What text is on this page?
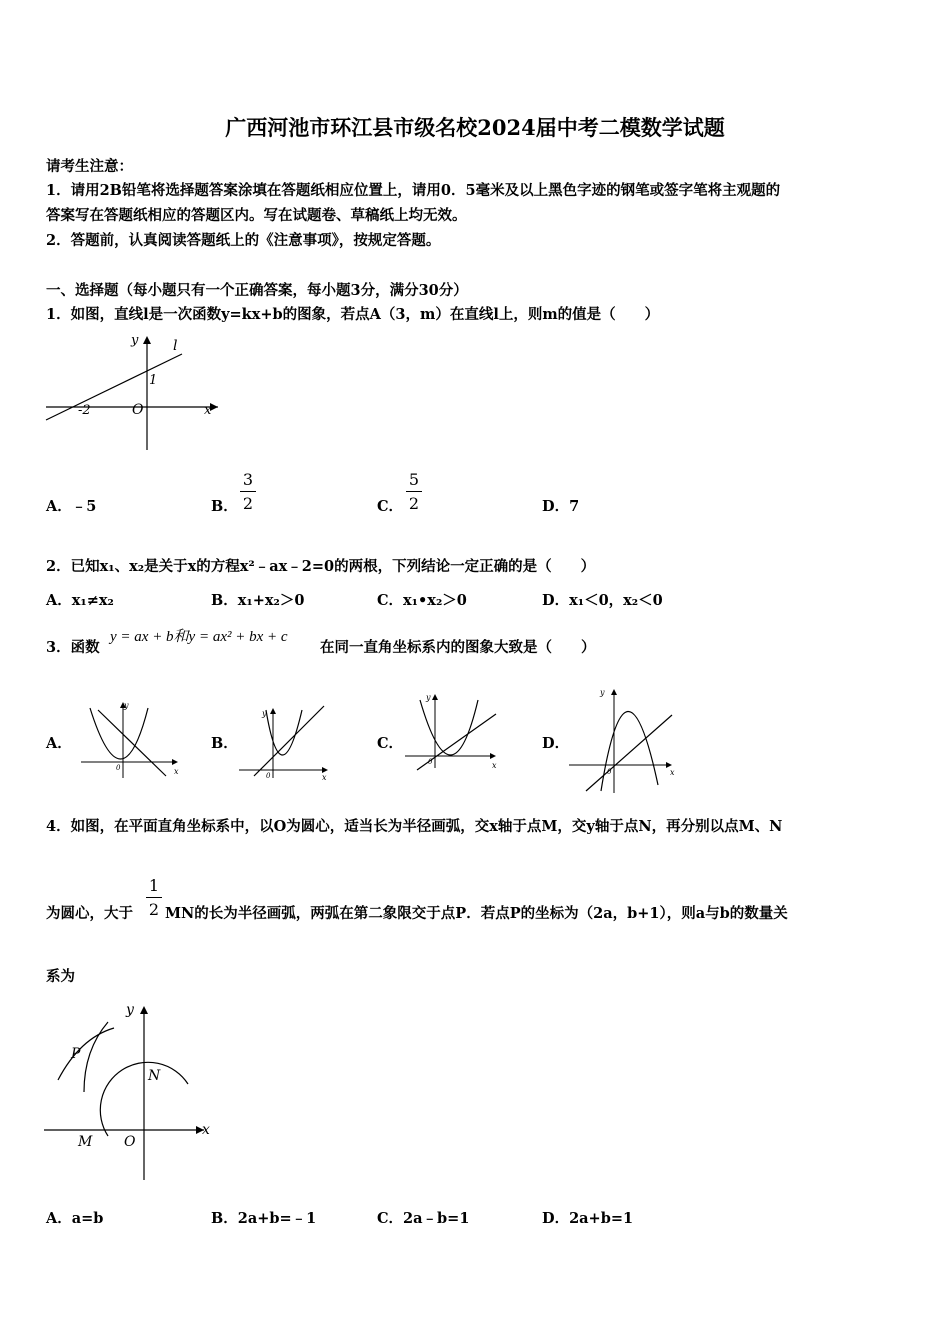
广西河池市环江县市级名校2024届中考二模数学试题
请考生注意：
1．请用2B铅笔将选择题答案涂填在答题纸相应位置上，请用0．5毫米及以上黑色字迹的钢笔或签字笔将主观题的
答案写在答题纸相应的答题区内。写在试题卷、草稿纸上均无效。
2．答题前，认真阅读答题纸上的《注意事项》，按规定答题。
一、选择题（每小题只有一个正确答案，每小题3分，满分30分）
1．如图，直线l是一次函数y=kx+b的图象，若点A（3，m）在直线l上，则m的值是（　　）
y l
1
-2	O	x
A．﹣5	B．
3
2	C．
5
2	D．7
2．已知x₁、x₂是关于x的方程x²﹣ax﹣2=0的两根，下列结论一定正确的是（　　）
A．x₁≠x₂	B．x₁+x₂＞0	C．x₁•x₂＞0	D．x₁＜0，x₂＜0
3．函数
y = ax + b和y = ax² + bx + c
在同一直角坐标系内的图象大致是（　　）
A．
y
x
0
B．
y
x
0
C．
y
x
0
D．
y
x
0
4．如图，在平面直角坐标系中，以O为圆心，适当长为半径画弧，交x轴于点M，交y轴于点N，再分别以点M、N
为圆心，大于
1
2 MN的长为半径画弧，两弧在第二象限交于点P．若点P的坐标为（2a，b+1），则a与b的数量关
系为
y
x
P
N
M O
A．a=b	B．2a+b=﹣1	C．2a﹣b=1	D．2a+b=1
